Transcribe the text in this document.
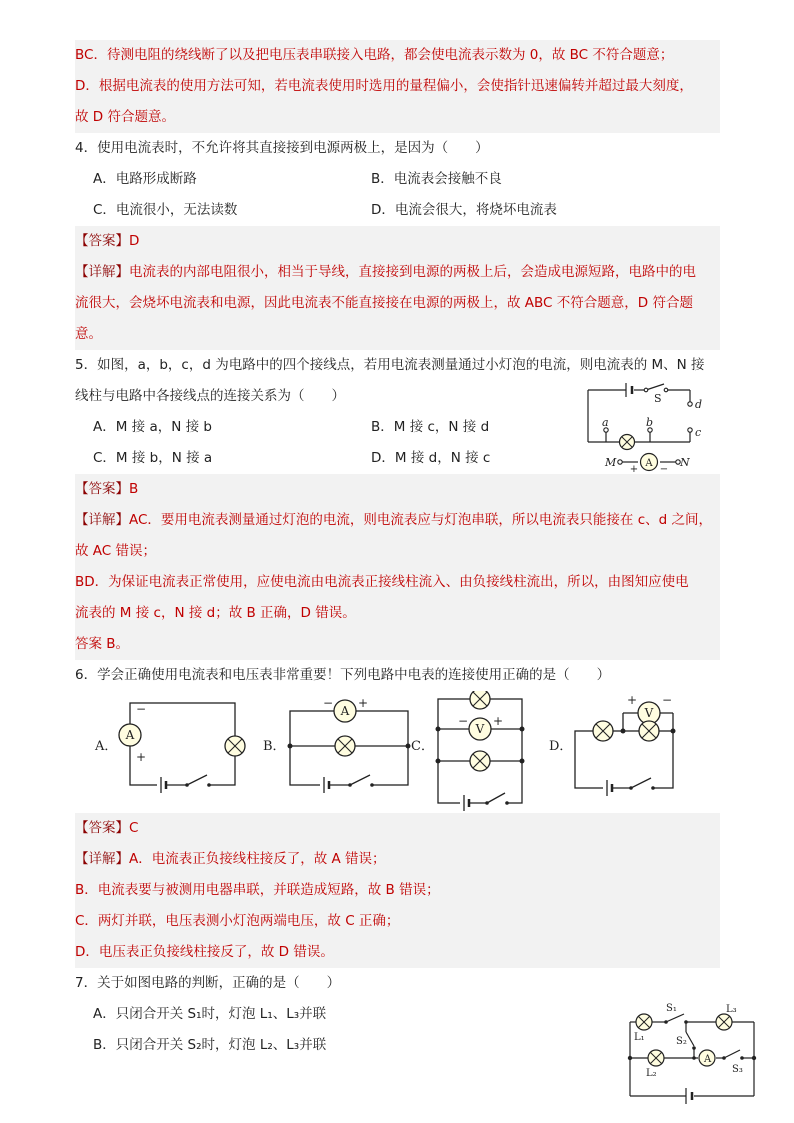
BC．待测电阻的绕线断了以及把电压表串联接入电路，都会使电流表示数为 0，故 BC 不符合题意；
D．根据电流表的使用方法可知，若电流表使用时选用的量程偏小，会使指针迅速偏转并超过最大刻度，
故 D 符合题意。
4．使用电流表时，不允许将其直接接到电源两极上，是因为（　　）
A．电路形成断路	B．电流表会接触不良
C．电流很小，无法读数	D．电流会很大，将烧坏电流表
【答案】D
【详解】电流表的内部电阻很小，相当于导线，直接接到电源的两极上后，会造成电源短路，电路中的电
流很大，会烧坏电流表和电源，因此电流表不能直接接在电源的两极上，故 ABC 不符合题意，D 符合题
意。
5．如图，a，b，c，d 为电路中的四个接线点，若用电流表测量通过小灯泡的电流，则电流表的 M、N 接
线柱与电路中各接线点的连接关系为（　　）
A．M 接 a，N 接 b	B．M 接 c，N 接 d
C．M 接 b，N 接 a	D．M 接 d，N 接 c
【答案】B
【详解】AC．要用电流表测量通过灯泡的电流，则电流表应与灯泡串联，所以电流表只能接在 c、d 之间，
故 AC 错误；
BD．为保证电流表正常使用，应使电流由电流表正接线柱流入、由负接线柱流出，所以，由图知应使电
流表的 M 接 c，N 接 d；故 B 正确，D 错误。
答案 B。
6．学会正确使用电流表和电压表非常重要！下列电路中电表的连接使用正确的是（　　）
A．	B．	C．	D．
A
A
V
V
−
+
− +
− +
+ −
【答案】C
【详解】A．电流表正负接线柱接反了，故 A 错误；
B．电流表要与被测用电器串联，并联造成短路，故 B 错误；
C．两灯并联，电压表测小灯泡两端电压，故 C 正确；
D．电压表正负接线柱接反了，故 D 错误。
7．关于如图电路的判断，正确的是（　　）
A．只闭合开关 S₁时，灯泡 L₁、L₃并联
B．只闭合开关 S₂时，灯泡 L₂、L₃并联
S	d
a	b
c
M	N
A
+ −
S₁	L₃
L₁	S₂
L₂	S₃
A
